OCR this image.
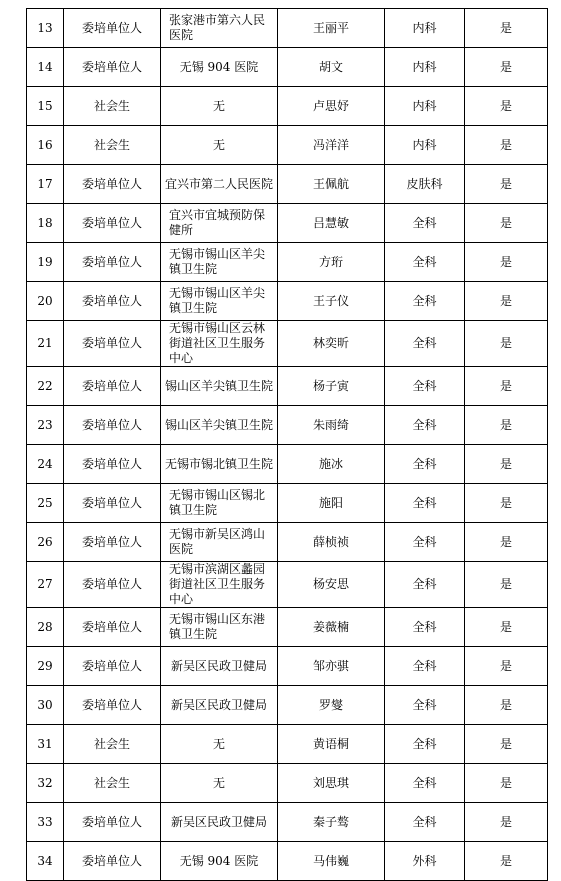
13	委培单位人	张家港市第六人民医院	王丽平	内科	是
14	委培单位人	无锡 904 医院	胡文	内科	是
15	社会生	无	卢思妤	内科	是
16	社会生	无	冯洋洋	内科	是
17	委培单位人	宜兴市第二人民医院	王佩航	皮肤科	是
18	委培单位人	宜兴市宜城预防保健所	吕慧敏	全科	是
19	委培单位人	无锡市锡山区羊尖镇卫生院	方珩	全科	是
20	委培单位人	无锡市锡山区羊尖镇卫生院	王子仪	全科	是
21	委培单位人	无锡市锡山区云林街道社区卫生服务中心	林奕昕	全科	是
22	委培单位人	锡山区羊尖镇卫生院	杨子寅	全科	是
23	委培单位人	锡山区羊尖镇卫生院	朱雨绮	全科	是
24	委培单位人	无锡市锡北镇卫生院	施冰	全科	是
25	委培单位人	无锡市锡山区锡北镇卫生院	施阳	全科	是
26	委培单位人	无锡市新吴区鸿山医院	薛桢祯	全科	是
27	委培单位人	无锡市滨湖区蠡园街道社区卫生服务中心	杨安思	全科	是
28	委培单位人	无锡市锡山区东港镇卫生院	姜薇楠	全科	是
29	委培单位人	新吴区民政卫健局	邹亦骐	全科	是
30	委培单位人	新吴区民政卫健局	罗燮	全科	是
31	社会生	无	黄语桐	全科	是
32	社会生	无	刘思琪	全科	是
33	委培单位人	新吴区民政卫健局	秦子骜	全科	是
34	委培单位人	无锡 904 医院	马伟巍	外科	是
